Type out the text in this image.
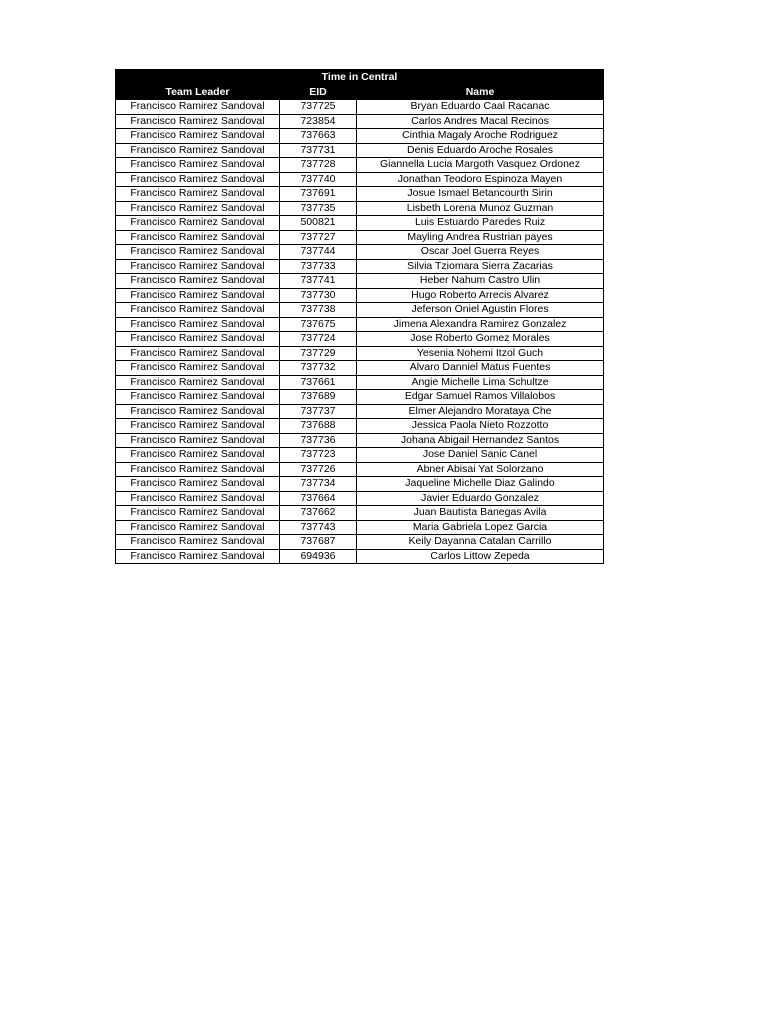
Time in Central		
Team Leader	EID	Name
Francisco Ramirez Sandoval	737725	Bryan Eduardo Caal Racanac
Francisco Ramirez Sandoval	723854	Carlos Andres Macal Recinos
Francisco Ramirez Sandoval	737663	Cinthia Magaly Aroche Rodriguez
Francisco Ramirez Sandoval	737731	Denis Eduardo Aroche Rosales
Francisco Ramirez Sandoval	737728	Giannella Lucia Margoth Vasquez Ordonez
Francisco Ramirez Sandoval	737740	Jonathan Teodoro Espinoza Mayen
Francisco Ramirez Sandoval	737691	Josue Ismael Betancourth Sirin
Francisco Ramirez Sandoval	737735	Lisbeth Lorena Munoz Guzman
Francisco Ramirez Sandoval	500821	Luis Estuardo Paredes Ruiz
Francisco Ramirez Sandoval	737727	Mayling Andrea Rustrian payes
Francisco Ramirez Sandoval	737744	Oscar Joel Guerra Reyes
Francisco Ramirez Sandoval	737733	Silvia Tziomara Sierra Zacarias
Francisco Ramirez Sandoval	737741	Heber Nahum Castro Ulin
Francisco Ramirez Sandoval	737730	Hugo Roberto Arrecis Alvarez
Francisco Ramirez Sandoval	737738	Jeferson Oniel Agustin Flores
Francisco Ramirez Sandoval	737675	Jimena Alexandra Ramirez Gonzalez
Francisco Ramirez Sandoval	737724	Jose Roberto Gomez Morales
Francisco Ramirez Sandoval	737729	Yesenia Nohemi Itzol Guch
Francisco Ramirez Sandoval	737732	Alvaro Danniel Matus Fuentes
Francisco Ramirez Sandoval	737661	Angie Michelle Lima Schultze
Francisco Ramirez Sandoval	737689	Edgar Samuel Ramos Villalobos
Francisco Ramirez Sandoval	737737	Elmer Alejandro Morataya Che
Francisco Ramirez Sandoval	737688	Jessica Paola Nieto Rozzotto
Francisco Ramirez Sandoval	737736	Johana Abigail Hernandez Santos
Francisco Ramirez Sandoval	737723	Jose Daniel Sanic Canel
Francisco Ramirez Sandoval	737726	Abner Abisai Yat Solorzano
Francisco Ramirez Sandoval	737734	Jaqueline Michelle Diaz Galindo
Francisco Ramirez Sandoval	737664	Javier Eduardo Gonzalez
Francisco Ramirez Sandoval	737662	Juan Bautista Banegas Avila
Francisco Ramirez Sandoval	737743	Maria Gabriela Lopez Garcia
Francisco Ramirez Sandoval	737687	Keily Dayanna Catalan Carrillo
Francisco Ramirez Sandoval	694936	Carlos Littow Zepeda
